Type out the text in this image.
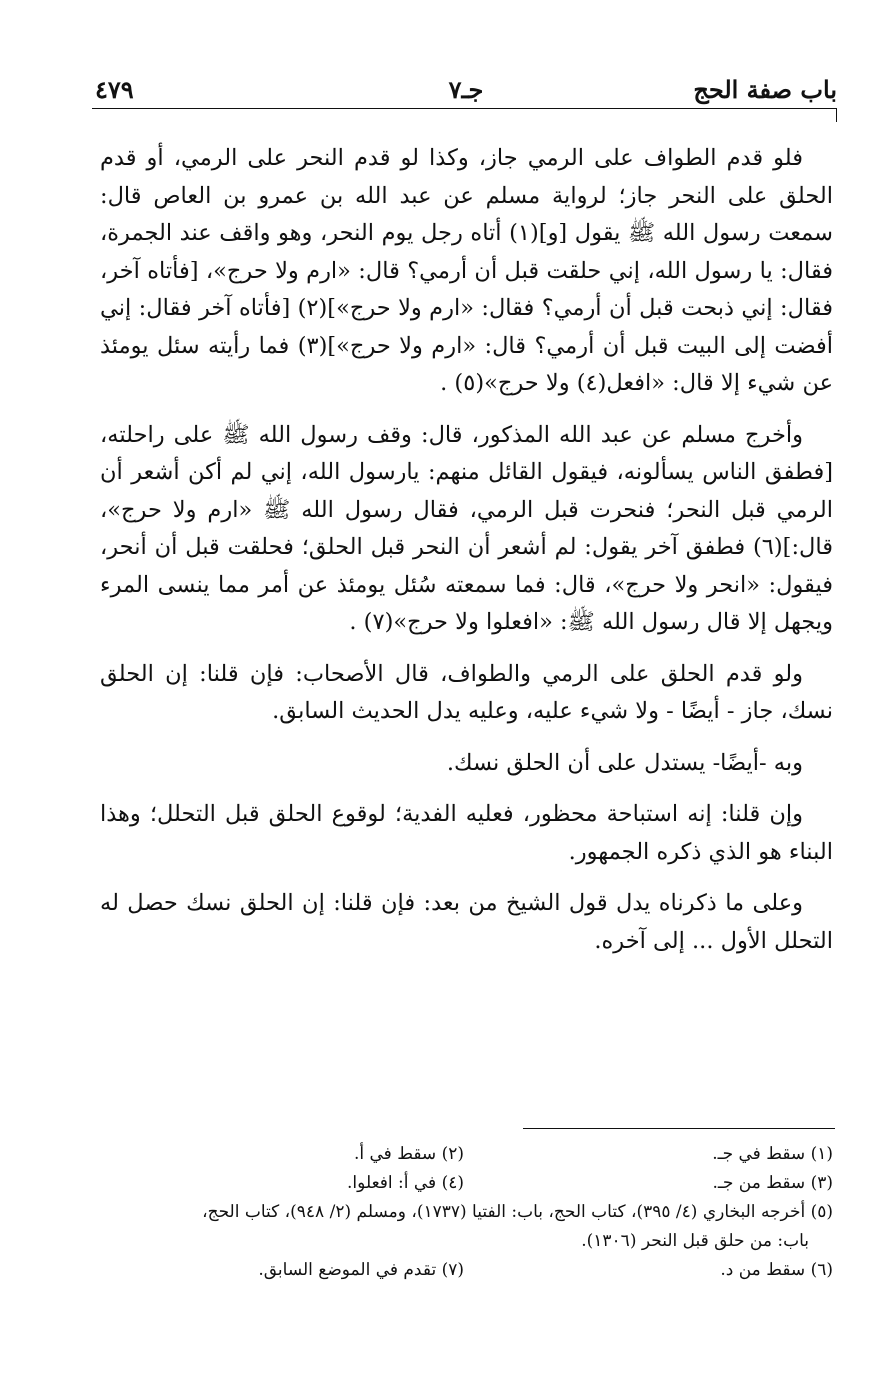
باب صفة الحج
جـ٧
٤٧٩

فلو قدم الطواف على الرمي جاز، وكذا لو قدم النحر على الرمي، أو قدم الحلق على النحر جاز؛ لرواية مسلم عن عبد الله بن عمرو بن العاص قال: سمعت رسول الله ﷺ يقول [و](١) أتاه رجل يوم النحر، وهو واقف عند الجمرة، فقال: يا رسول الله، إني حلقت قبل أن أرمي؟ قال: «ارم ولا حرج»، [فأتاه آخر، فقال: إني ذبحت قبل أن أرمي؟ فقال: «ارم ولا حرج»](٢) [فأتاه آخر فقال: إني أفضت إلى البيت قبل أن أرمي؟ قال: «ارم ولا حرج»](٣) فما رأيته سئل يومئذ عن شيء إلا قال: «افعل(٤) ولا حرج»(٥) .

وأخرج مسلم عن عبد الله المذكور، قال: وقف رسول الله ﷺ على راحلته، [فطفق الناس يسألونه، فيقول القائل منهم: يارسول الله، إني لم أكن أشعر أن الرمي قبل النحر؛ فنحرت قبل الرمي، فقال رسول الله ﷺ «ارم ولا حرج»، قال:](٦) فطفق آخر يقول: لم أشعر أن النحر قبل الحلق؛ فحلقت قبل أن أنحر، فيقول: «انحر ولا حرج»، قال: فما سمعته سُئل يومئذ عن أمر مما ينسى المرء ويجهل إلا قال رسول الله ﷺ: «افعلوا ولا حرج»(٧) .

ولو قدم الحلق على الرمي والطواف، قال الأصحاب: فإن قلنا: إن الحلق نسك، جاز - أيضًا - ولا شيء عليه، وعليه يدل الحديث السابق.

وبه -أيضًا- يستدل على أن الحلق نسك.

وإن قلنا: إنه استباحة محظور، فعليه الفدية؛ لوقوع الحلق قبل التحلل؛ وهذا البناء هو الذي ذكره الجمهور.

وعلى ما ذكرناه يدل قول الشيخ من بعد: فإن قلنا: إن الحلق نسك حصل له التحلل الأول ... إلى آخره.

(١) سقط في جـ.
(٢) سقط في أ.
(٣) سقط من جـ.
(٤) في أ: افعلوا.
(٥) أخرجه البخاري (٤/ ٣٩٥)، كتاب الحج، باب: الفتيا (١٧٣٧)، ومسلم (٢/ ٩٤٨)، كتاب الحج،
باب: من حلق قبل النحر (١٣٠٦).
(٦) سقط من د.
(٧) تقدم في الموضع السابق.
